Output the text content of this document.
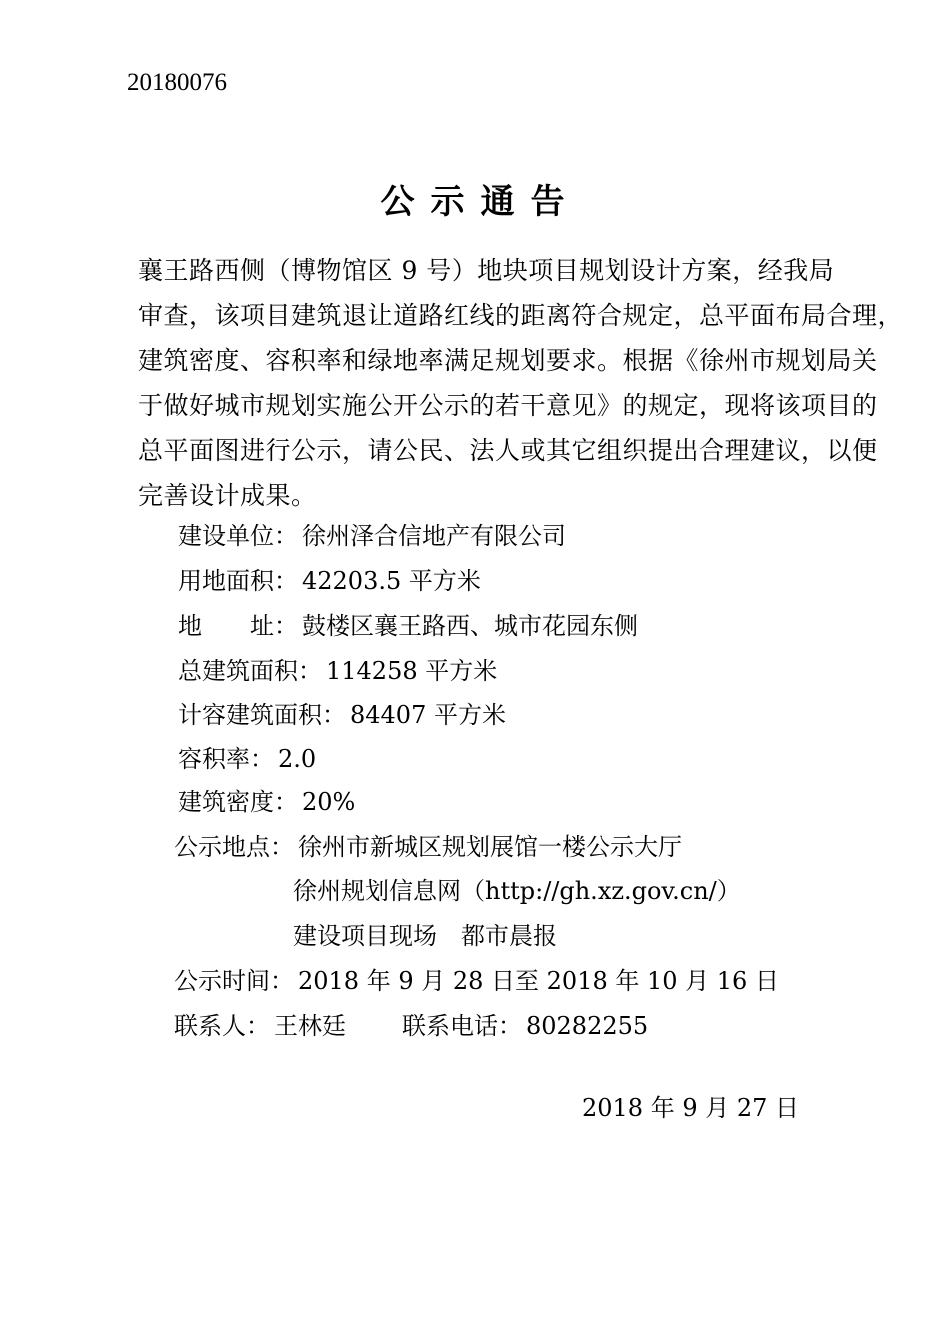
20180076
公示通告
襄王路西侧（博物馆区 9 号）地块项目规划设计方案，经我局
审查，该项目建筑退让道路红线的距离符合规定，总平面布局合理，
建筑密度、容积率和绿地率满足规划要求。根据《徐州市规划局关
于做好城市规划实施公开公示的若干意见》的规定，现将该项目的
总平面图进行公示，请公民、法人或其它组织提出合理建议，以便
完善设计成果。
建设单位： 徐州泽合信地产有限公司
用地面积： 42203.5 平方米
地　　址： 鼓楼区襄王路西、城市花园东侧
总建筑面积： 114258 平方米
计容建筑面积： 84407 平方米
容积率： 2.0
建筑密度： 20%
公示地点： 徐州市新城区规划展馆一楼公示大厅
徐州规划信息网（http://gh.xz.gov.cn/）
建设项目现场　都市晨报
公示时间： 2018 年 9 月 28 日至 2018 年 10 月 16 日
联系人： 王林廷 联系电话： 80282255
2018 年 9 月 27 日
